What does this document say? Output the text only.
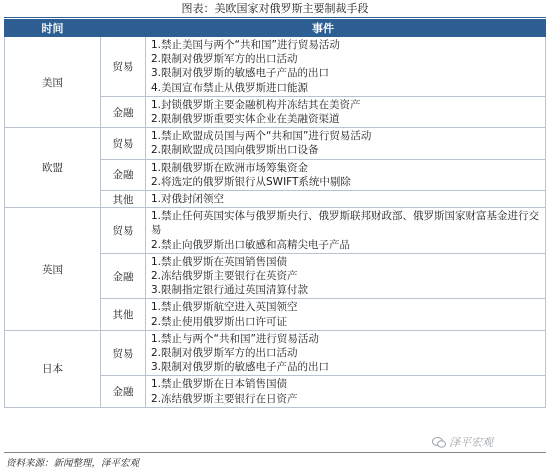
图表：美欧国家对俄罗斯主要制裁手段
时间	事件	
美国	贸易	1.禁止美国与两个“共和国”进行贸易活动
2.限制对俄罗斯军方的出口活动
3.限制对俄罗斯的敏感电子产品的出口
4.美国宣布禁止从俄罗斯进口能源

	金融	1.封锁俄罗斯主要金融机构并冻结其在美资产
2.限制俄罗斯重要实体企业在美融资渠道

欧盟	贸易	1.禁止欧盟成员国与两个“共和国”进行贸易活动
2.限制欧盟成员国向俄罗斯出口设备

	金融	1.限制俄罗斯在欧洲市场筹集资金
2.将选定的俄罗斯银行从SWIFT系统中剔除

	其他	1.对俄封闭领空

英国	贸易	1.禁止任何英国实体与俄罗斯央行、俄罗斯联邦财政部、俄罗斯国家财富基金进行交易
2.禁止向俄罗斯出口敏感和高精尖电子产品

	金融	1.禁止俄罗斯在英国销售国债
2.冻结俄罗斯主要银行在英资产
3.限制指定银行通过英国清算付款

	其他	1.禁止俄罗斯航空进入英国领空
2.禁止使用俄罗斯出口许可证

日本	贸易	1.禁止与两个“共和国”进行贸易活动
2.限制对俄罗斯军方的出口活动
3.限制对俄罗斯的敏感电子产品的出口

	金融	1.禁止俄罗斯在日本销售国债
2.冻结俄罗斯主要银行在日资产
资料来源：新闻整理，泽平宏观
泽平宏观
